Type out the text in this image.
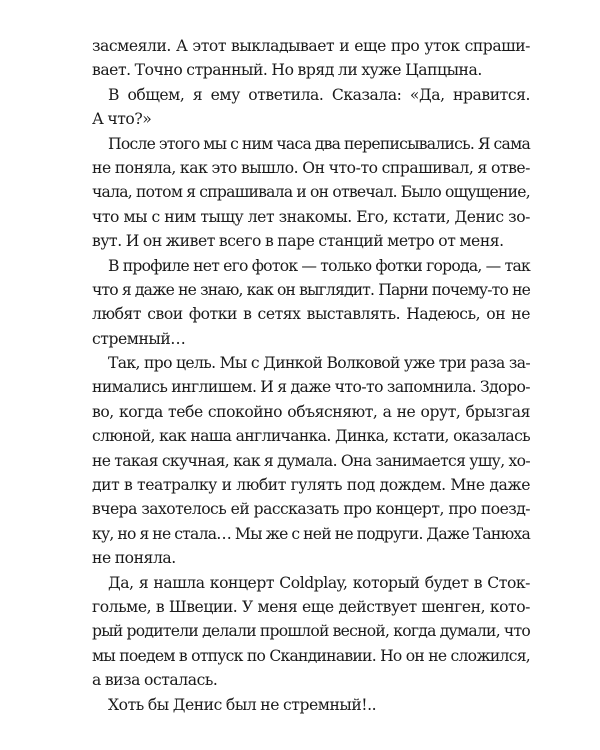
засмеяли. А этот выкладывает и еще про уток спраши-
вает. Точно странный. Но вряд ли хуже Цапцына.
В общем, я ему ответила. Сказала: «Да, нравится.
А что?»
После этого мы с ним часа два переписывались. Я сама
не поняла, как это вышло. Он что-то спрашивал, я отве-
чала, потом я спрашивала и он отвечал. Было ощущение,
что мы с ним тыщу лет знакомы. Его, кстати, Денис зо-
вут. И он живет всего в паре станций метро от меня.
В профиле нет его фоток — только фотки города, — так
что я даже не знаю, как он выглядит. Парни почему-то не
любят свои фотки в сетях выставлять. Надеюсь, он не
стремный…
Так, про цель. Мы с Динкой Волковой уже три раза за-
нимались инглишем. И я даже что-то запомнила. Здоро-
во, когда тебе спокойно объясняют, а не орут, брызгая
слюной, как наша англичанка. Динка, кстати, оказалась
не такая скучная, как я думала. Она занимается ушу, хо-
дит в театралку и любит гулять под дождем. Мне даже
вчера захотелось ей рассказать про концерт, про поезд-
ку, но я не стала… Мы же с ней не подруги. Даже Танюха
не поняла.
Да, я нашла концерт Coldplay, который будет в Сток-
гольме, в Швеции. У меня еще действует шенген, кото-
рый родители делали прошлой весной, когда думали, что
мы поедем в отпуск по Скандинавии. Но он не сложился,
а виза осталась.
Хоть бы Денис был не стремный!..
